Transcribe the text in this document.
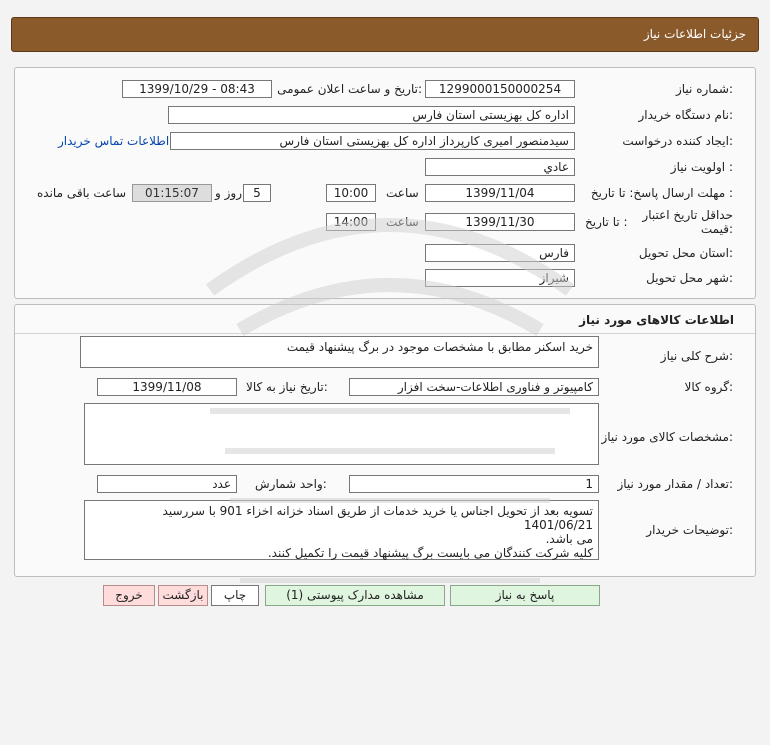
جزئیات اطلاعات نیاز
شماره نیاز:
1299000150000254
تاریخ و ساعت اعلان عمومی:
1399/10/29 - 08:43
نام دستگاه خریدار:
اداره کل بهزیستی استان فارس
ایجاد کننده درخواست:
سیدمنصور امیری کارپرداز اداره کل بهزیستی استان فارس
اطلاعات تماس خریدار
اولویت نیاز :
عادي
مهلت ارسال پاسخ: تا تاریخ :
1399/11/04
ساعت
10:00
5
روز و
01:15:07
ساعت باقی مانده
حداقل تاریخ اعتبار
قیمت:
تا تاریخ :
1399/11/30
ساعت
14:00
استان محل تحویل:
فارس
شهر محل تحویل:
شیراز
اطلاعات کالاهای مورد نیاز
شرح کلی نیاز:
خرید اسکنر مطابق با مشخصات موجود در برگ پیشنهاد قیمت
گروه کالا:
کامپیوتر و فناوری اطلاعات-سخت افزار
تاریخ نیاز به کالا:
1399/11/08
مشخصات کالای مورد نیاز:
تعداد / مقدار مورد نیاز:
1
واحد شمارش:
عدد
توضیحات خریدار:
تسویه بعد از تحویل اجناس یا خرید خدمات از طریق اسناد خزانه اخزاء 901 با سررسید 1401/06/21
می باشد.
کلیه شرکت کنندگان می بایست برگ پیشنهاد قیمت را تکمیل کنند.
پاسخ به نیاز
مشاهده مدارک پیوستی (1)
چاپ
بازگشت
خروج
